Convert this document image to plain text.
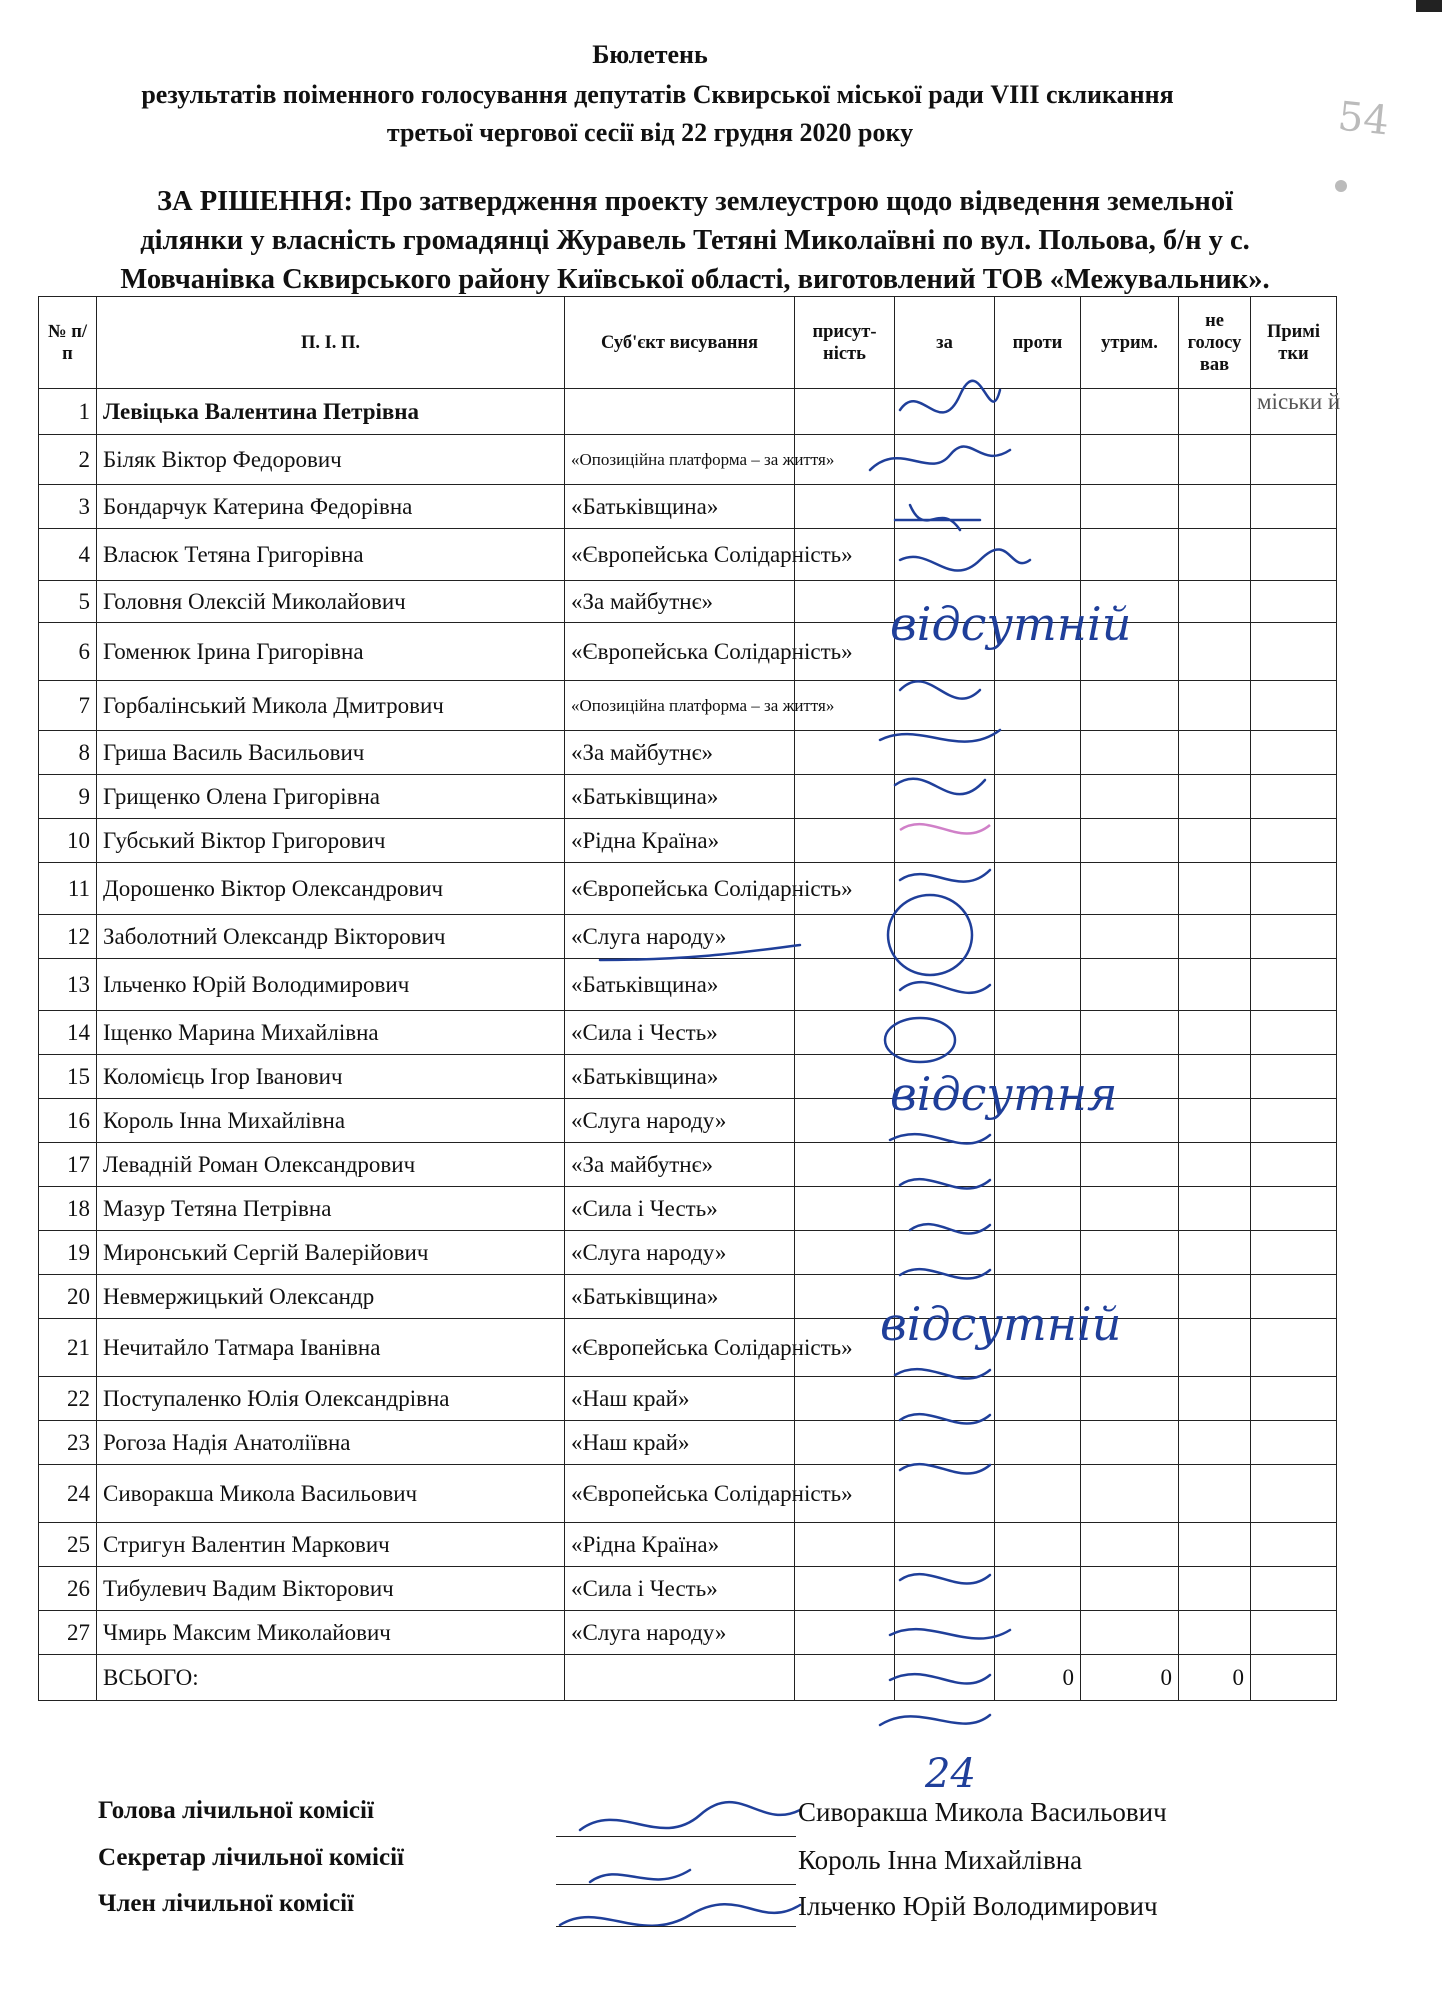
54
Бюлетень
результатів поіменного голосування депутатів Сквирської міської ради VIII скликання
третьої чергової сесії від 22 грудня 2020 року
ЗА РІШЕННЯ: Про затвердження проекту землеустрою щодо відведення земельної
ділянки у власність громадянці Журавель Тетяні Миколаївні по вул. Польова, б/н у с.
Мовчанівка Сквирського району Київської області, виготовлений ТОВ «Межувальник».
№ п/п	П. І. П.	Суб'єкт висування	присут-ність	за	проти	утрим.	не голосу вав	Примі тки
1	Левіцька Валентина Петрівна							міськи й
2	Біляк Віктор Федорович	«Опозиційна платформа – за життя»						
3	Бондарчук Катерина Федорівна	«Батьківщина»						
4	Власюк Тетяна Григорівна	«Європейська Солідарність»						
5	Головня Олексій Миколайович	«За майбутнє»						
6	Гоменюк Ірина Григорівна	«Європейська Солідарність»						
7	Горбалінський Микола Дмитрович	«Опозиційна платформа – за життя»						
8	Гриша Василь Васильович	«За майбутнє»						
9	Грищенко Олена Григорівна	«Батьківщина»						
10	Губський Віктор Григорович	«Рідна Країна»						
11	Дорошенко Віктор Олександрович	«Європейська Солідарність»						
12	Заболотний Олександр Вікторович	«Слуга народу»						
13	Ільченко Юрій Володимирович	«Батьківщина»						
14	Іщенко Марина Михайлівна	«Сила і Честь»						
15	Коломієць Ігор Іванович	«Батьківщина»						
16	Король Інна Михайлівна	«Слуга народу»						
17	Левадній Роман Олександрович	«За майбутнє»						
18	Мазур Тетяна Петрівна	«Сила і Честь»						
19	Миронський Сергій Валерійович	«Слуга народу»						
20	Невмержицький Олександр	«Батьківщина»						
21	Нечитайло Татмара Іванівна	«Європейська Солідарність»						
22	Поступаленко Юлія Олександрівна	«Наш край»						
23	Рогоза Надія Анатоліївна	«Наш край»						
24	Сиворакша Микола Васильович	«Європейська Солідарність»						
25	Стригун Валентин Маркович	«Рідна Країна»						
26	Тибулевич Вадим Вікторович	«Сила і Честь»						
27	Чмирь Максим Миколайович	«Слуга народу»						
	ВСЬОГО:				0	0	0	
відсутній
відсутня
відсутній
24
Голова лічильної комісії	Сиворакша Микола Васильович
Секретар лічильної комісії	Король Інна Михайлівна
Член лічильної комісії	Ільченко Юрій Володимирович
